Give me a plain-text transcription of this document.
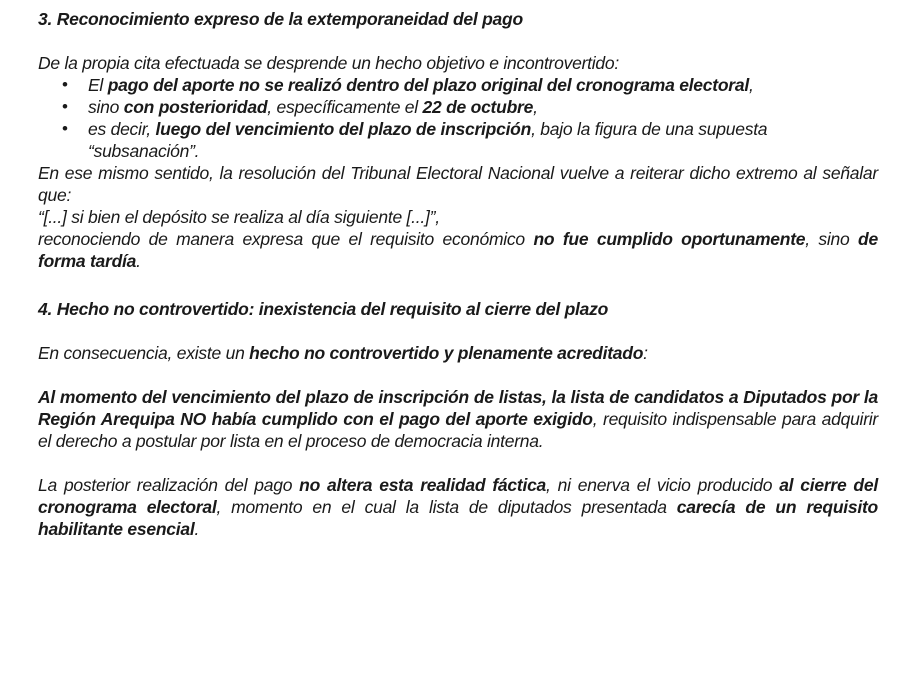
3. Reconocimiento expreso de la extemporaneidad del pago

De la propia cita efectuada se desprende un hecho objetivo e incontrovertido:

• El pago del aporte no se realizó dentro del plazo original del cronograma electoral,
• sino con posterioridad, específicamente el 22 de octubre,
• es decir, luego del vencimiento del plazo de inscripción, bajo la figura de una supuesta “subsanación”.

En ese mismo sentido, la resolución del Tribunal Electoral Nacional vuelve a reiterar dicho extremo al señalar que:

“[...] si bien el depósito se realiza al día siguiente [...]”,

reconociendo de manera expresa que el requisito económico no fue cumplido oportunamente, sino de forma tardía.

4. Hecho no controvertido: inexistencia del requisito al cierre del plazo

En consecuencia, existe un hecho no controvertido y plenamente acreditado:

Al momento del vencimiento del plazo de inscripción de listas, la lista de candidatos a Diputados por la Región Arequipa NO había cumplido con el pago del aporte exigido, requisito indispensable para adquirir el derecho a postular por lista en el proceso de democracia interna.

La posterior realización del pago no altera esta realidad fáctica, ni enerva el vicio producido al cierre del cronograma electoral, momento en el cual la lista de diputados presentada carecía de un requisito habilitante esencial.
